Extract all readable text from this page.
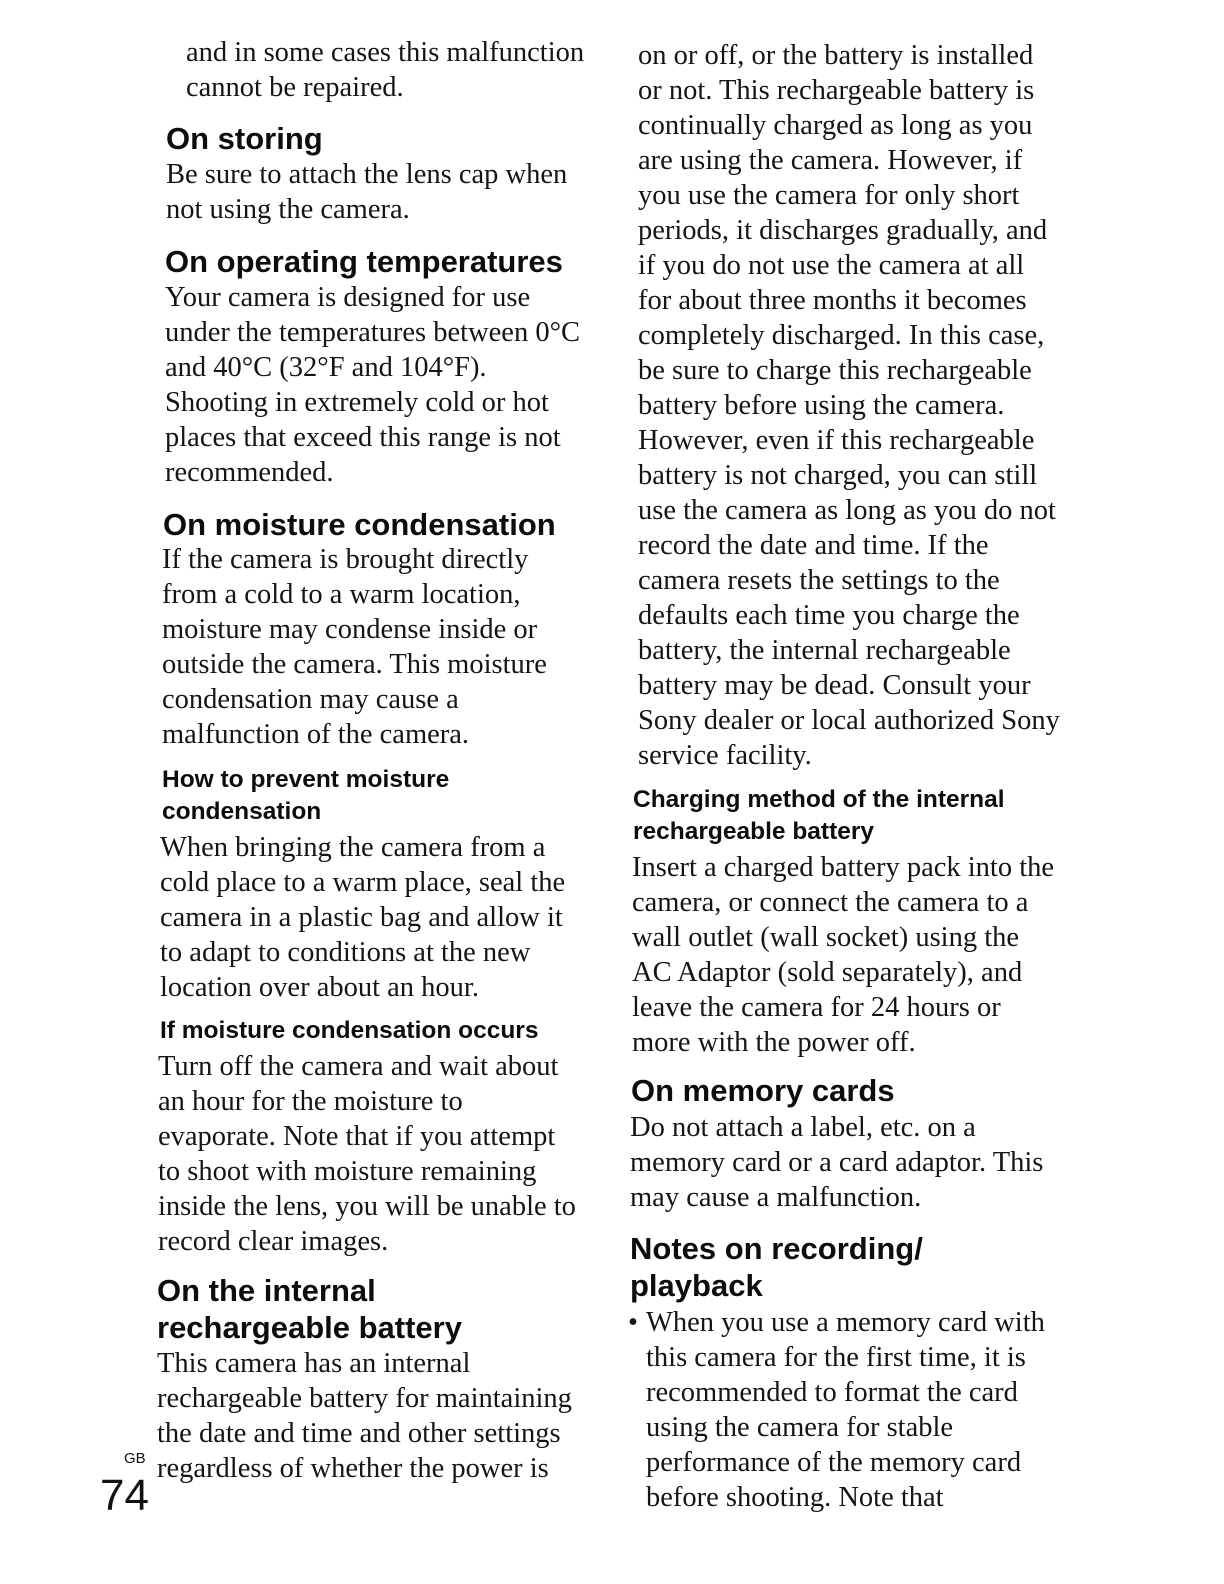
and in some cases this malfunction cannot be repaired.

On storing

Be sure to attach the lens cap when not using the camera.

On operating temperatures

Your camera is designed for use under the temperatures between 0°C and 40°C (32°F and 104°F). Shooting in extremely cold or hot places that exceed this range is not recommended.

On moisture condensation

If the camera is brought directly from a cold to a warm location, moisture may condense inside or outside the camera. This moisture condensation may cause a malfunction of the camera.

How to prevent moisture condensation

When bringing the camera from a cold place to a warm place, seal the camera in a plastic bag and allow it to adapt to conditions at the new location over about an hour.

If moisture condensation occurs

Turn off the camera and wait about an hour for the moisture to evaporate. Note that if you attempt to shoot with moisture remaining inside the lens, you will be unable to record clear images.

On the internal rechargeable battery

This camera has an internal rechargeable battery for maintaining the date and time and other settings regardless of whether the power is

on or off, or the battery is installed or not. This rechargeable battery is continually charged as long as you are using the camera. However, if you use the camera for only short periods, it discharges gradually, and if you do not use the camera at all for about three months it becomes completely discharged. In this case, be sure to charge this rechargeable battery before using the camera. However, even if this rechargeable battery is not charged, you can still use the camera as long as you do not record the date and time. If the camera resets the settings to the defaults each time you charge the battery, the internal rechargeable battery may be dead. Consult your Sony dealer or local authorized Sony service facility.

Charging method of the internal rechargeable battery

Insert a charged battery pack into the camera, or connect the camera to a wall outlet (wall socket) using the AC Adaptor (sold separately), and leave the camera for 24 hours or more with the power off.

On memory cards

Do not attach a label, etc. on a memory card or a card adaptor. This may cause a malfunction.

Notes on recording/ playback
• When you use a memory card with this camera for the first time, it is recommended to format the card using the camera for stable performance of the memory card before shooting. Note that
GB
74
